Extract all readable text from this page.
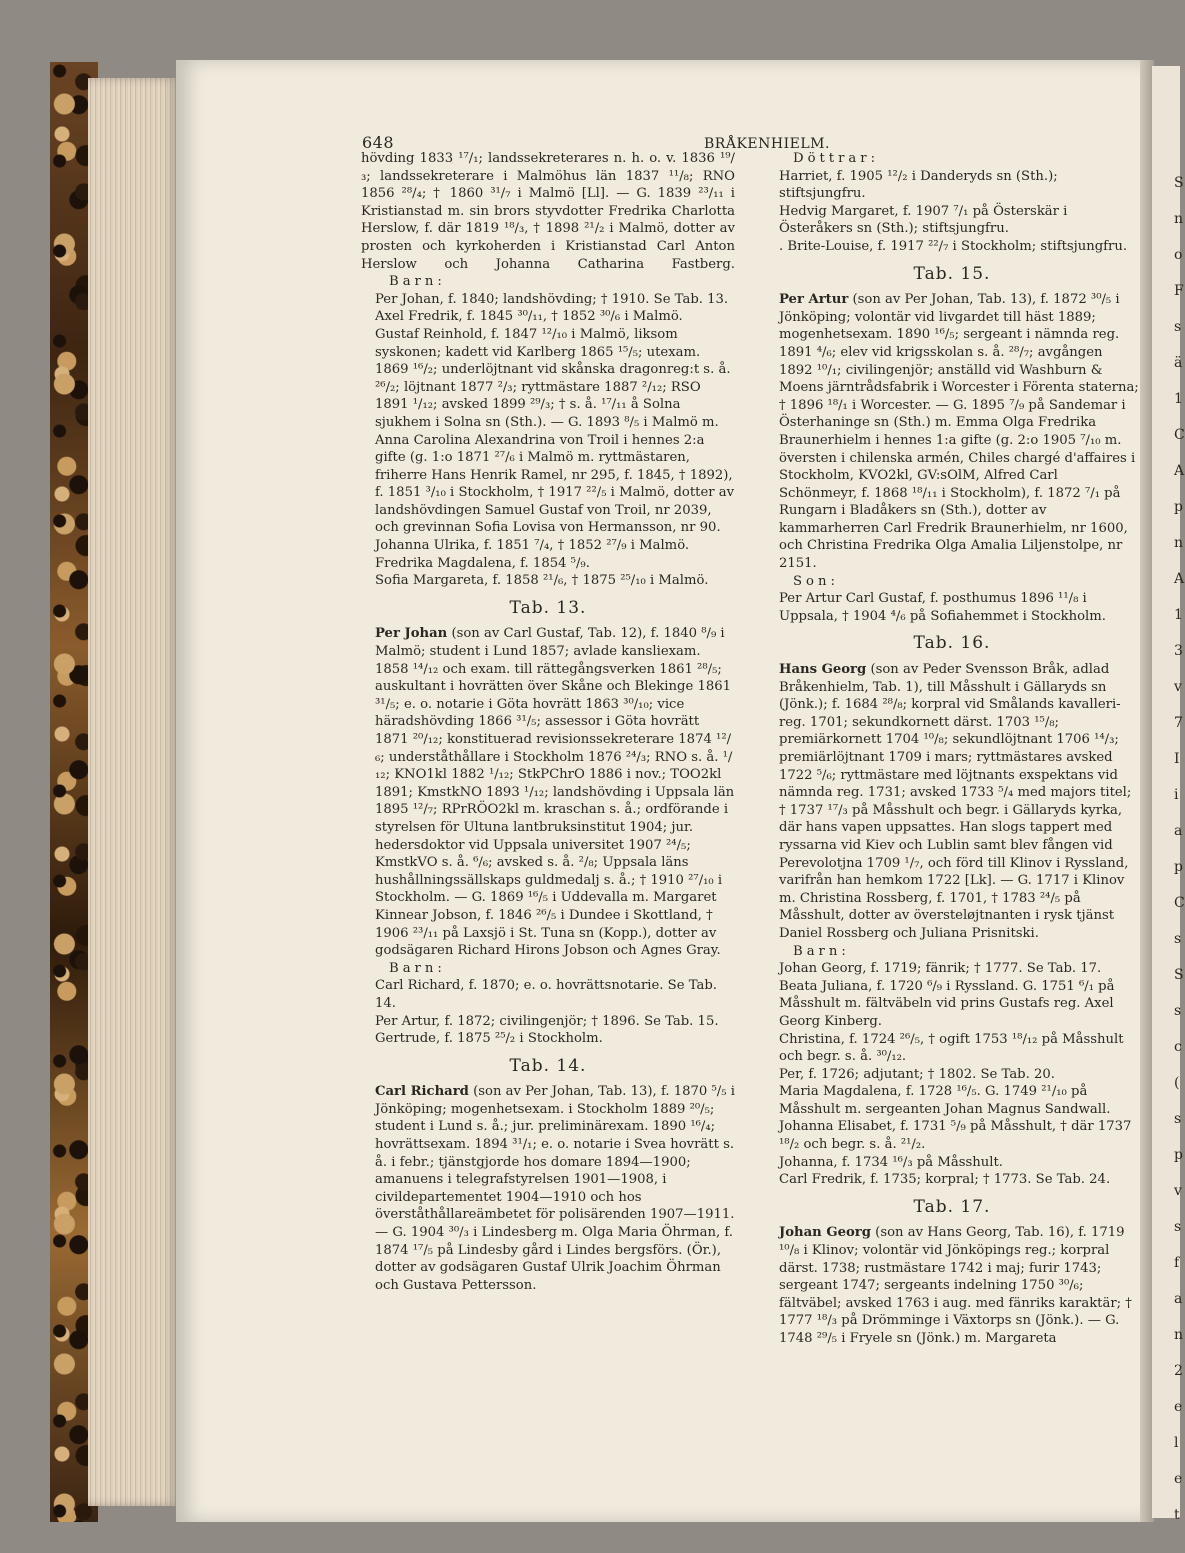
S
n
o
F
s
ä
1
C
A
p
n
A
1
3
v
7
I
i
a
p
C
s
S
s
c
(
s
p
v
s
f
a
n
2
e
l
e
t
648	BRÅKENHIELM.

hövding 1833 ¹⁷/₁; landssekreterares n. h. o. v. 1836 ¹⁹/₃; landssekreterare i Malmöhus län 1837 ¹¹/₈; RNO 1856 ²⁸/₄; † 1860 ³¹/₇ i Malmö [Ll]. — G. 1839 ²³/₁₁ i Kristianstad m. sin brors styvdotter Fredrika Charlotta Herslow, f. där 1819 ¹⁸/₃, † 1898 ²¹/₂ i Malmö, dotter av prosten och kyrkoherden i Kristianstad Carl Anton Herslow och Johanna Catharina Fastberg.

Barn:

Per Johan, f. 1840; landshövding; † 1910. Se Tab. 13.

Axel Fredrik, f. 1845 ³⁰/₁₁, † 1852 ³⁰/₆ i Malmö.

Gustaf Reinhold, f. 1847 ¹²/₁₀ i Malmö, liksom syskonen; kadett vid Karlberg 1865 ¹⁵/₅; utexam. 1869 ¹⁶/₂; underlöjtnant vid skånska dragonreg:t s. å. ²⁶/₂; löjtnant 1877 ²/₃; ryttmästare 1887 ²/₁₂; RSO 1891 ¹/₁₂; avsked 1899 ²⁹/₃; † s. å. ¹⁷/₁₁ å Solna sjukhem i Solna sn (Sth.). — G. 1893 ⁸/₅ i Malmö m. Anna Carolina Alexandrina von Troil i hennes 2:a gifte (g. 1:o 1871 ²⁷/₆ i Malmö m. ryttmästaren, friherre Hans Henrik Ramel, nr 295, f. 1845, † 1892), f. 1851 ³/₁₀ i Stockholm, † 1917 ²²/₅ i Malmö, dotter av landshövdingen Samuel Gustaf von Troil, nr 2039, och grevinnan Sofia Lovisa von Hermansson, nr 90.

Johanna Ulrika, f. 1851 ⁷/₄, † 1852 ²⁷/₉ i Malmö.

Fredrika Magdalena, f. 1854 ⁵/₉.

Sofia Margareta, f. 1858 ²¹/₆, † 1875 ²⁵/₁₀ i Malmö.

Tab. 13.

Per Johan (son av Carl Gustaf, Tab. 12), f. 1840 ⁸/₉ i Malmö; student i Lund 1857; avlade kansliexam. 1858 ¹⁴/₁₂ och exam. till rättegångsverken 1861 ²⁸/₅; auskultant i hovrätten över Skåne och Blekinge 1861 ³¹/₅; e. o. notarie i Göta hovrätt 1863 ³⁰/₁₀; vice häradshövding 1866 ³¹/₅; assessor i Göta hovrätt 1871 ²⁰/₁₂; konstituerad revisionssekreterare 1874 ¹²/₆; underståthållare i Stockholm 1876 ²⁴/₃; RNO s. å. ¹/₁₂; KNO1kl 1882 ¹/₁₂; StkPChrO 1886 i nov.; TOO2kl 1891; KmstkNO 1893 ¹/₁₂; landshövding i Uppsala län 1895 ¹²/₇; RPrRÖO2kl m. kraschan s. å.; ordförande i styrelsen för Ultuna lantbruksinstitut 1904; jur. hedersdoktor vid Uppsala universitet 1907 ²⁴/₅; KmstkVO s. å. ⁶/₆; avsked s. å. ²/₈; Uppsala läns hushållningssällskaps guldmedalj s. å.; † 1910 ²⁷/₁₀ i Stockholm. — G. 1869 ¹⁶/₅ i Uddevalla m. Margaret Kinnear Jobson, f. 1846 ²⁶/₅ i Dundee i Skottland, † 1906 ²³/₁₁ på Laxsjö i St. Tuna sn (Kopp.), dotter av godsägaren Richard Hirons Jobson och Agnes Gray.

Barn:

Carl Richard, f. 1870; e. o. hovrättsnotarie. Se Tab. 14.

Per Artur, f. 1872; civilingenjör; † 1896. Se Tab. 15.

Gertrude, f. 1875 ²⁵/₂ i Stockholm.

Tab. 14.

Carl Richard (son av Per Johan, Tab. 13), f. 1870 ⁵/₅ i Jönköping; mogenhetsexam. i Stockholm 1889 ²⁰/₅; student i Lund s. å.; jur. preliminärexam. 1890 ¹⁶/₄; hovrättsexam. 1894 ³¹/₁; e. o. notarie i Svea hovrätt s. å. i febr.; tjänstgjorde hos domare 1894—1900; amanuens i telegrafstyrelsen 1901—1908, i civildepartementet 1904—1910 och hos överståthållareämbetet för polisärenden 1907—1911. — G. 1904 ³⁰/₃ i Lindesberg m. Olga Maria Öhrman, f. 1874 ¹⁷/₅ på Lindesby gård i Lindes bergsförs. (Ör.), dotter av godsägaren Gustaf Ulrik Joachim Öhrman och Gustava Pettersson.

Döttrar:

Harriet, f. 1905 ¹²/₂ i Danderyds sn (Sth.); stiftsjungfru.

Hedvig Margaret, f. 1907 ⁷/₁ på Österskär i Österåkers sn (Sth.); stiftsjungfru.

. Brite-Louise, f. 1917 ²²/₇ i Stockholm; stiftsjungfru.

Tab. 15.

Per Artur (son av Per Johan, Tab. 13), f. 1872 ³⁰/₅ i Jönköping; volontär vid livgardet till häst 1889; mogenhetsexam. 1890 ¹⁶/₅; sergeant i nämnda reg. 1891 ⁴/₆; elev vid krigsskolan s. å. ²⁸/₇; avgången 1892 ¹⁰/₁; civilingenjör; anställd vid Washburn & Moens järntrådsfabrik i Worcester i Förenta staterna; † 1896 ¹⁸/₁ i Worcester. — G. 1895 ⁷/₉ på Sandemar i Österhaninge sn (Sth.) m. Emma Olga Fredrika Braunerhielm i hennes 1:a gifte (g. 2:o 1905 ⁷/₁₀ m. översten i chilenska armén, Chiles chargé d'affaires i Stockholm, KVO2kl, GV:sOlM, Alfred Carl Schönmeyr, f. 1868 ¹⁸/₁₁ i Stockholm), f. 1872 ⁷/₁ på Rungarn i Bladåkers sn (Sth.), dotter av kammarherren Carl Fredrik Braunerhielm, nr 1600, och Christina Fredrika Olga Amalia Liljenstolpe, nr 2151.

Son:

Per Artur Carl Gustaf, f. posthumus 1896 ¹¹/₈ i Uppsala, † 1904 ⁴/₆ på Sofiahemmet i Stockholm.

Tab. 16.

Hans Georg (son av Peder Svensson Bråk, adlad Bråkenhielm, Tab. 1), till Måsshult i Gällaryds sn (Jönk.); f. 1684 ²⁸/₈; korpral vid Smålands kavalleri-reg. 1701; sekundkornett därst. 1703 ¹⁵/₈; premiärkornett 1704 ¹⁰/₈; sekundlöjtnant 1706 ¹⁴/₃; premiärlöjtnant 1709 i mars; ryttmästares avsked 1722 ⁵/₆; ryttmästare med löjtnants exspektans vid nämnda reg. 1731; avsked 1733 ⁵/₄ med majors titel; † 1737 ¹⁷/₃ på Måsshult och begr. i Gällaryds kyrka, där hans vapen uppsattes. Han slogs tappert med ryssarna vid Kiev och Lublin samt blev fången vid Perevolotjna 1709 ¹/₇, och förd till Klinov i Ryssland, varifrån han hemkom 1722 [Lk]. — G. 1717 i Klinov m. Christina Rossberg, f. 1701, † 1783 ²⁴/₅ på Måsshult, dotter av översteløjtnanten i rysk tjänst Daniel Rossberg och Juliana Prisnitski.

Barn:

Johan Georg, f. 1719; fänrik; † 1777. Se Tab. 17.

Beata Juliana, f. 1720 ⁶/₉ i Ryssland. G. 1751 ⁶/₁ på Måsshult m. fältväbeln vid prins Gustafs reg. Axel Georg Kinberg.

Christina, f. 1724 ²⁶/₅, † ogift 1753 ¹⁸/₁₂ på Måsshult och begr. s. å. ³⁰/₁₂.

Per, f. 1726; adjutant; † 1802. Se Tab. 20.

Maria Magdalena, f. 1728 ¹⁶/₅. G. 1749 ²¹/₁₀ på Måsshult m. sergeanten Johan Magnus Sandwall.

Johanna Elisabet, f. 1731 ⁵/₉ på Måsshult, † där 1737 ¹⁸/₂ och begr. s. å. ²¹/₂.

Johanna, f. 1734 ¹⁶/₃ på Måsshult.

Carl Fredrik, f. 1735; korpral; † 1773. Se Tab. 24.

Tab. 17.

Johan Georg (son av Hans Georg, Tab. 16), f. 1719 ¹⁰/₈ i Klinov; volontär vid Jönköpings reg.; korpral därst. 1738; rustmästare 1742 i maj; furir 1743; sergeant 1747; sergeants indelning 1750 ³⁰/₆; fältväbel; avsked 1763 i aug. med fänriks karaktär; † 1777 ¹⁸/₃ på Drömminge i Växtorps sn (Jönk.). — G. 1748 ²⁹/₅ i Fryele sn (Jönk.) m. Margareta
